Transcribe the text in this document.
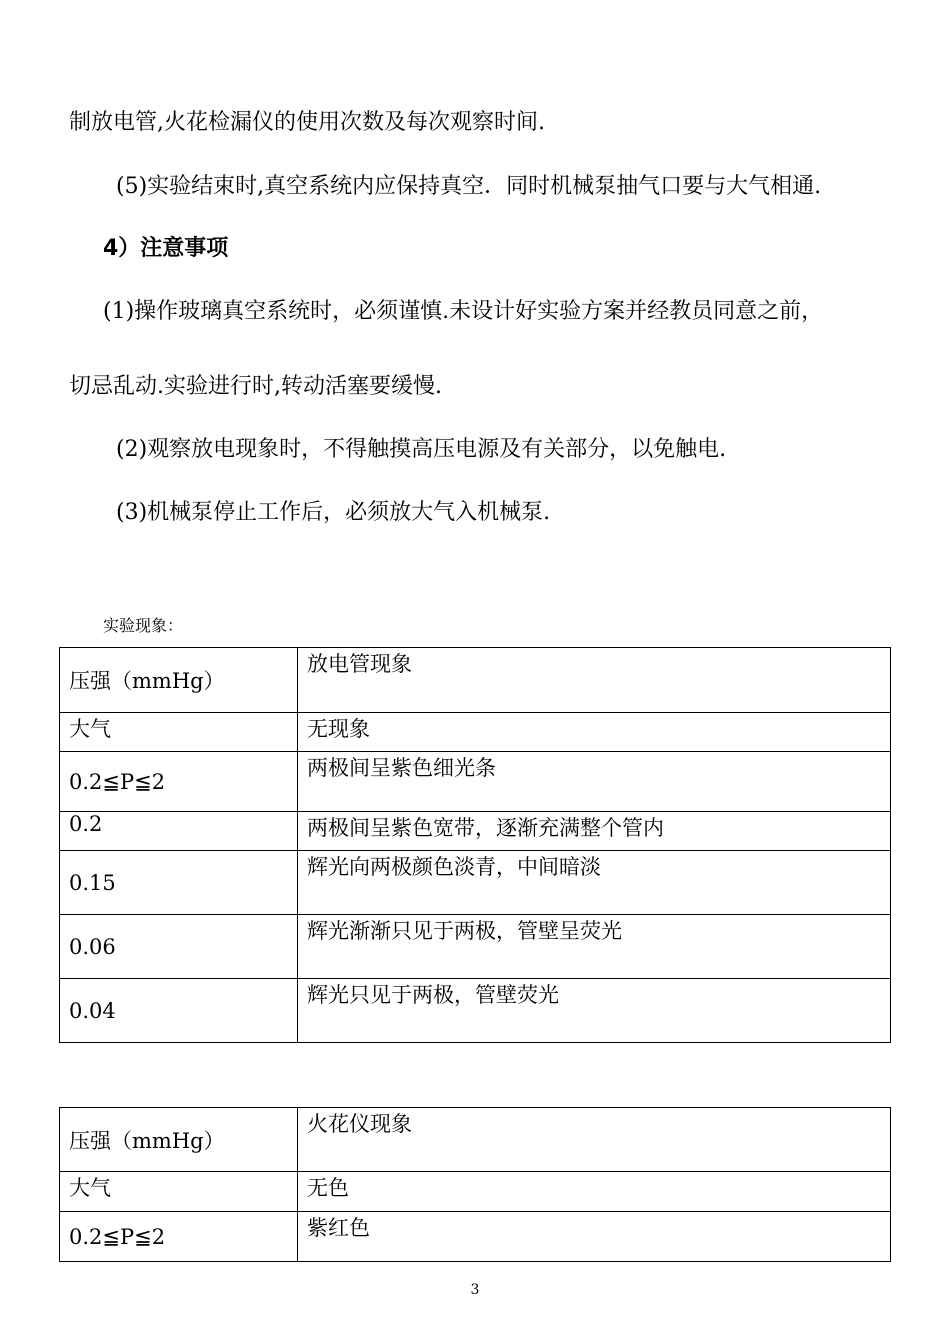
制放电管,火花检漏仪的使用次数及每次观察时间.
(5)实验结束时,真空系统内应保持真空．同时机械泵抽气口要与大气相通.
4）注意事项
(1)操作玻璃真空系统时，必须谨慎.未设计好实验方案并经教员同意之前，
切忌乱动.实验进行时,转动活塞要缓慢.
(2)观察放电现象时，不得触摸高压电源及有关部分，以免触电.
(3)机械泵停止工作后，必须放大气入机械泵.
实验现象：
压强（mmHg）	放电管现象
大气	无现象
0.2≦P≦2	两极间呈紫色细光条
0.2	两极间呈紫色宽带，逐渐充满整个管内
0.15	辉光向两极颜色淡青，中间暗淡
0.06	辉光渐渐只见于两极，管壁呈荧光
0.04	辉光只见于两极，管壁荧光
压强（mmHg）	火花仪现象
大气	无色
0.2≦P≦2	紫红色
3
